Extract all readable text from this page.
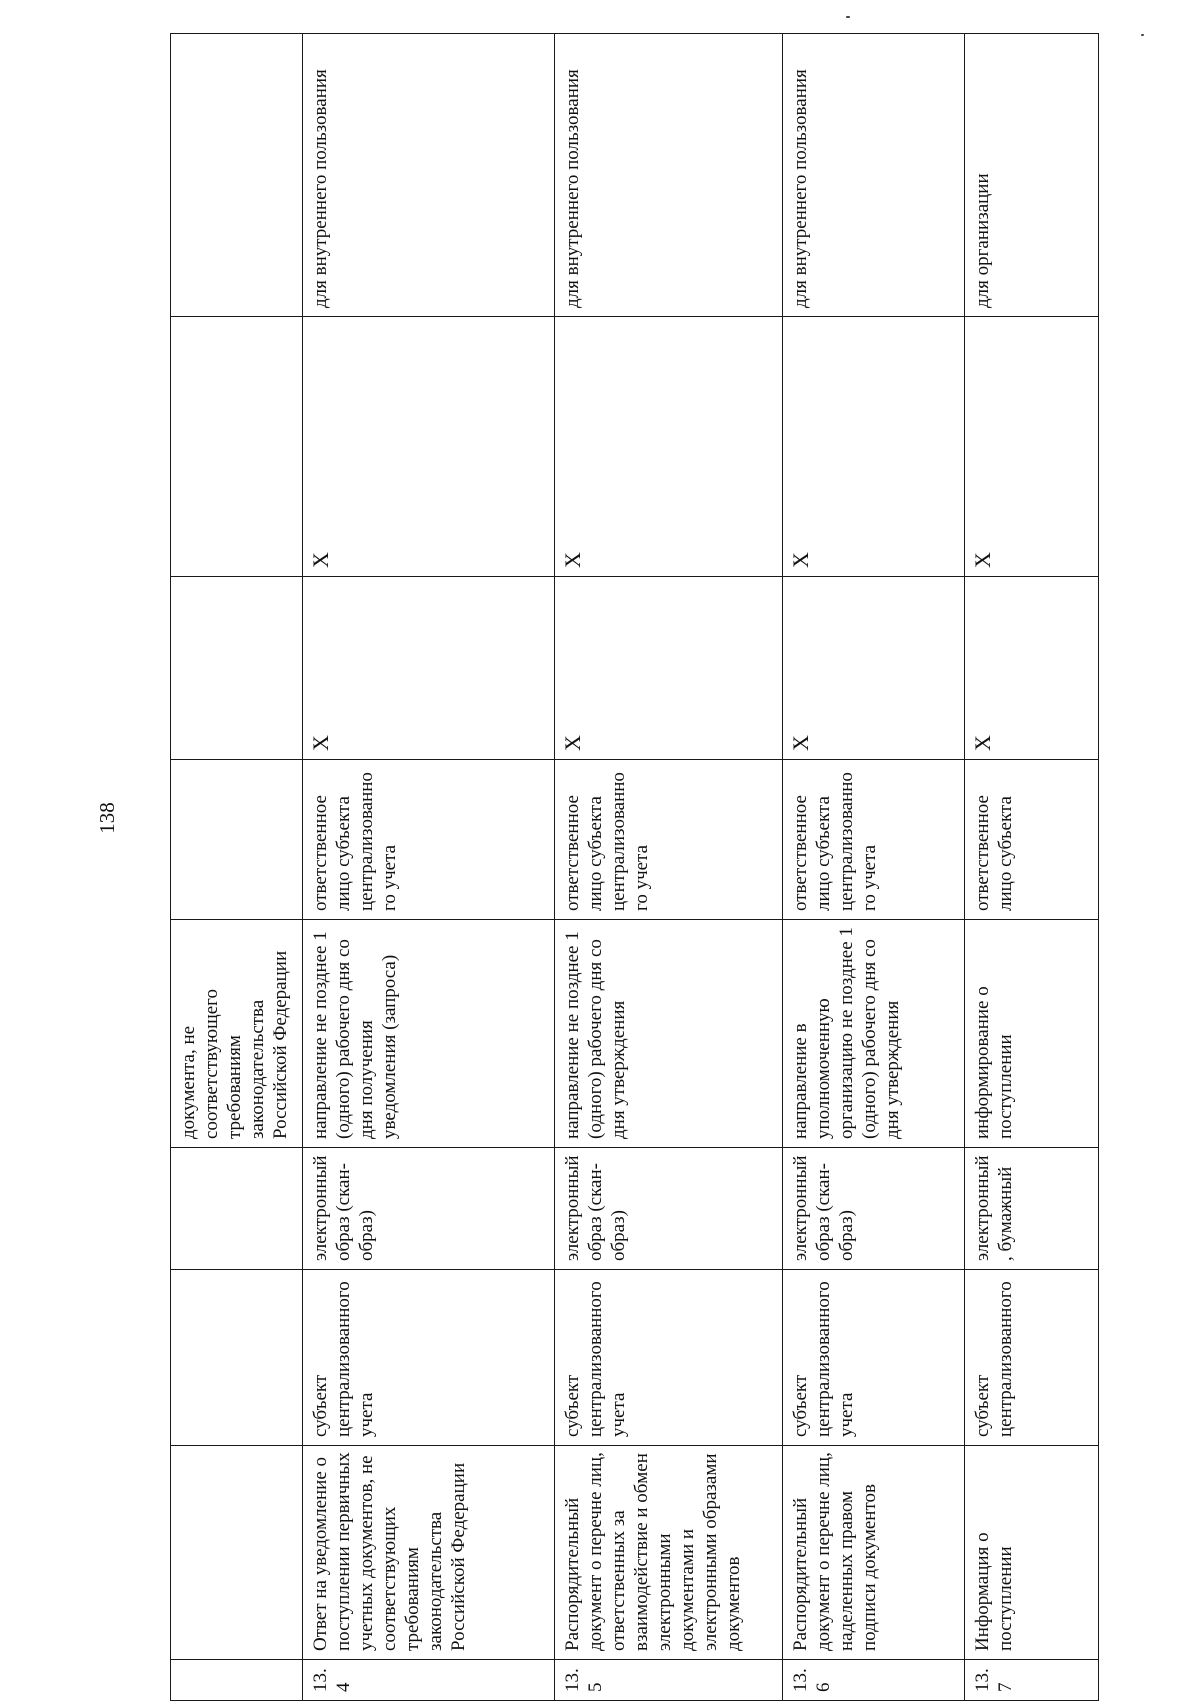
138
				документа, не соответствующего требованиям законодательства Российской Федерации				
13.4	Ответ на уведомление о поступлении первичных учетных документов, не соответствующих требованиям законодательства Российской Федерации	субъект централизованного учета	электронный образ (скан-образ)	направление не позднее 1 (одного) рабочего дня со дня получения уведомления (запроса)	ответственное лицо субъекта централизованного учета	Х	Х	для внутреннего пользования
13.5	Распорядительный документ о перечне лиц, ответственных за взаимодействие и обмен электронными документами и электронными образами документов	субъект централизованного учета	электронный образ (скан-образ)	направление не позднее 1 (одного) рабочего дня со дня утверждения	ответственное лицо субъекта централизованного учета	Х	Х	для внутреннего пользования
13.6	Распорядительный документ о перечне лиц, наделенных правом подписи документов	субъект централизованного учета	электронный образ (скан-образ)	направление в уполномоченную организацию не позднее 1 (одного) рабочего дня со дня утверждения	ответственное лицо субъекта централизованного учета	Х	Х	для внутреннего пользования
13.7	Информация о поступлении	субъект централизованного	электронный, бумажный	информирование о поступлении	ответственное лицо субъекта	Х	Х	для организации
